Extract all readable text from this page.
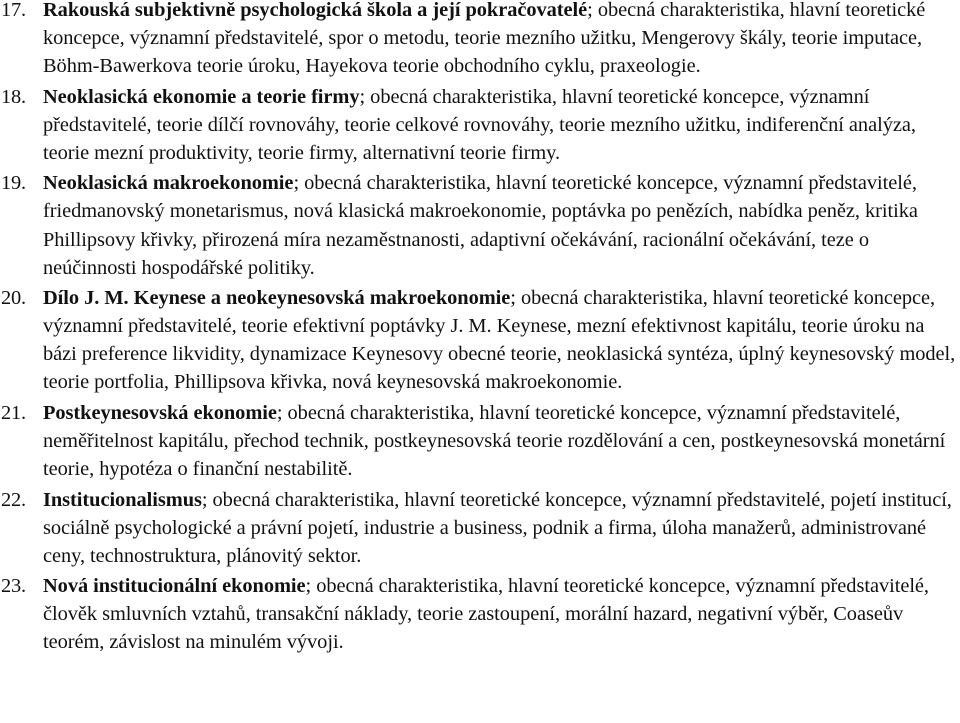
17. Rakouská subjektivně psychologická škola a její pokračovatelé; obecná charakteristika, hlavní teoretické koncepce, významní představitelé, spor o metodu, teorie mezního užitku, Mengerovy škály, teorie imputace, Böhm-Bawerkova teorie úroku, Hayekova teorie obchodního cyklu, praxeologie.
18. Neoklasická ekonomie a teorie firmy; obecná charakteristika, hlavní teoretické koncepce, významní představitelé, teorie dílčí rovnováhy, teorie celkové rovnováhy, teorie mezního užitku, indiferenční analýza, teorie mezní produktivity, teorie firmy, alternativní teorie firmy.
19. Neoklasická makroekonomie; obecná charakteristika, hlavní teoretické koncepce, významní představitelé, friedmanovský monetarismus, nová klasická makroekonomie, poptávka po penězích, nabídka peněz, kritika Phillipsovy křivky, přirozená míra nezaměstnanosti, adaptivní očekávání, racionální očekávání, teze o neúčinnosti hospodářské politiky.
20. Dílo J. M. Keynese a neokeynesovská makroekonomie; obecná charakteristika, hlavní teoretické koncepce, významní představitelé, teorie efektivní poptávky J. M. Keynese, mezní efektivnost kapitálu, teorie úroku na bázi preference likvidity, dynamizace Keynesovy obecné teorie, neoklasická syntéza, úplný keynesovský model, teorie portfolia, Phillipsova křivka, nová keynesovská makroekonomie.
21. Postkeynesovská ekonomie; obecná charakteristika, hlavní teoretické koncepce, významní představitelé, neměřitelnost kapitálu, přechod technik, postkeynesovská teorie rozdělování a cen, postkeynesovská monetární teorie, hypotéza o finanční nestabilitě.
22. Institucionalismus; obecná charakteristika, hlavní teoretické koncepce, významní představitelé, pojetí institucí, sociálně psychologické a právní pojetí, industrie a business, podnik a firma, úloha manažerů, administrované ceny, technostruktura, plánovitý sektor.
23. Nová institucionální ekonomie; obecná charakteristika, hlavní teoretické koncepce, významní představitelé, člověk smluvních vztahů, transakční náklady, teorie zastoupení, morální hazard, negativní výběr, Coaseův teorém, závislost na minulém vývoji.
